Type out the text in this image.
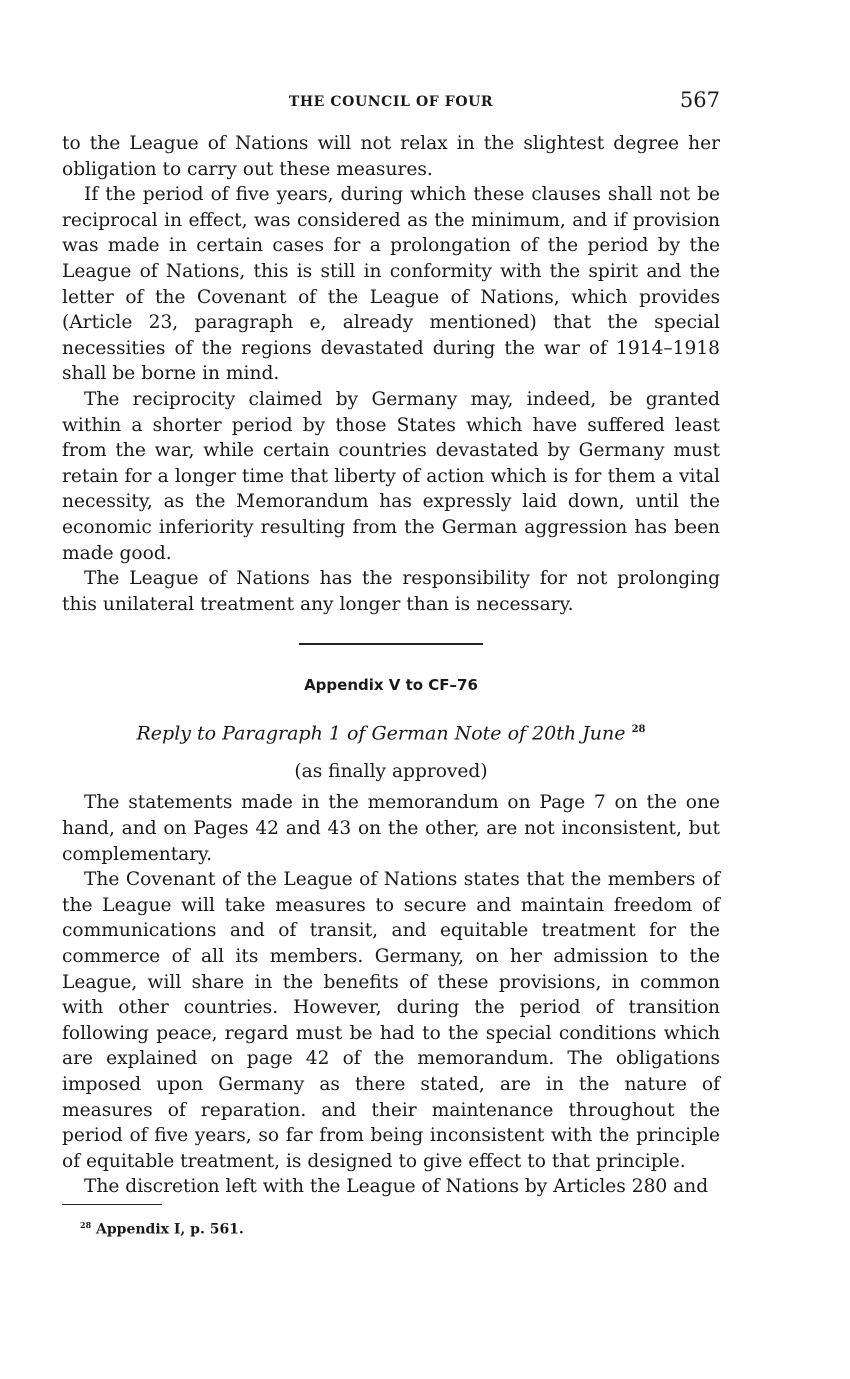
THE COUNCIL OF FOUR	567

to the League of Nations will not relax in the slightest degree her obligation to carry out these measures.

If the period of five years, during which these clauses shall not be reciprocal in effect, was considered as the minimum, and if provision was made in certain cases for a prolongation of the period by the League of Nations, this is still in conformity with the spirit and the letter of the Covenant of the League of Nations, which provides (Article 23, paragraph e, already mentioned) that the special necessities of the regions devastated during the war of 1914–1918 shall be borne in mind.

The reciprocity claimed by Germany may, indeed, be granted within a shorter period by those States which have suffered least from the war, while certain countries devastated by Germany must retain for a longer time that liberty of action which is for them a vital necessity, as the Memorandum has expressly laid down, until the economic inferiority resulting from the German aggression has been made good.

The League of Nations has the responsibility for not prolonging this unilateral treatment any longer than is necessary.

Appendix V to CF–76
Reply to Paragraph 1 of German Note of 20th June $^{28}$
(as finally approved)

The statements made in the memorandum on Page 7 on the one hand, and on Pages 42 and 43 on the other, are not inconsistent, but complementary.

The Covenant of the League of Nations states that the members of the League will take measures to secure and maintain freedom of communications and of transit, and equitable treatment for the commerce of all its members. Germany, on her admission to the League, will share in the benefits of these provisions, in common with other countries. However, during the period of transition following peace, regard must be had to the special conditions which are explained on page 42 of the memorandum. The obligations imposed upon Germany as there stated, are in the nature of measures of reparation. and their maintenance throughout the period of five years, so far from being inconsistent with the principle of equitable treatment, is designed to give effect to that principle.

The discretion left with the League of Nations by Articles 280 and

$^{28}$ Appendix I, p. 561.
